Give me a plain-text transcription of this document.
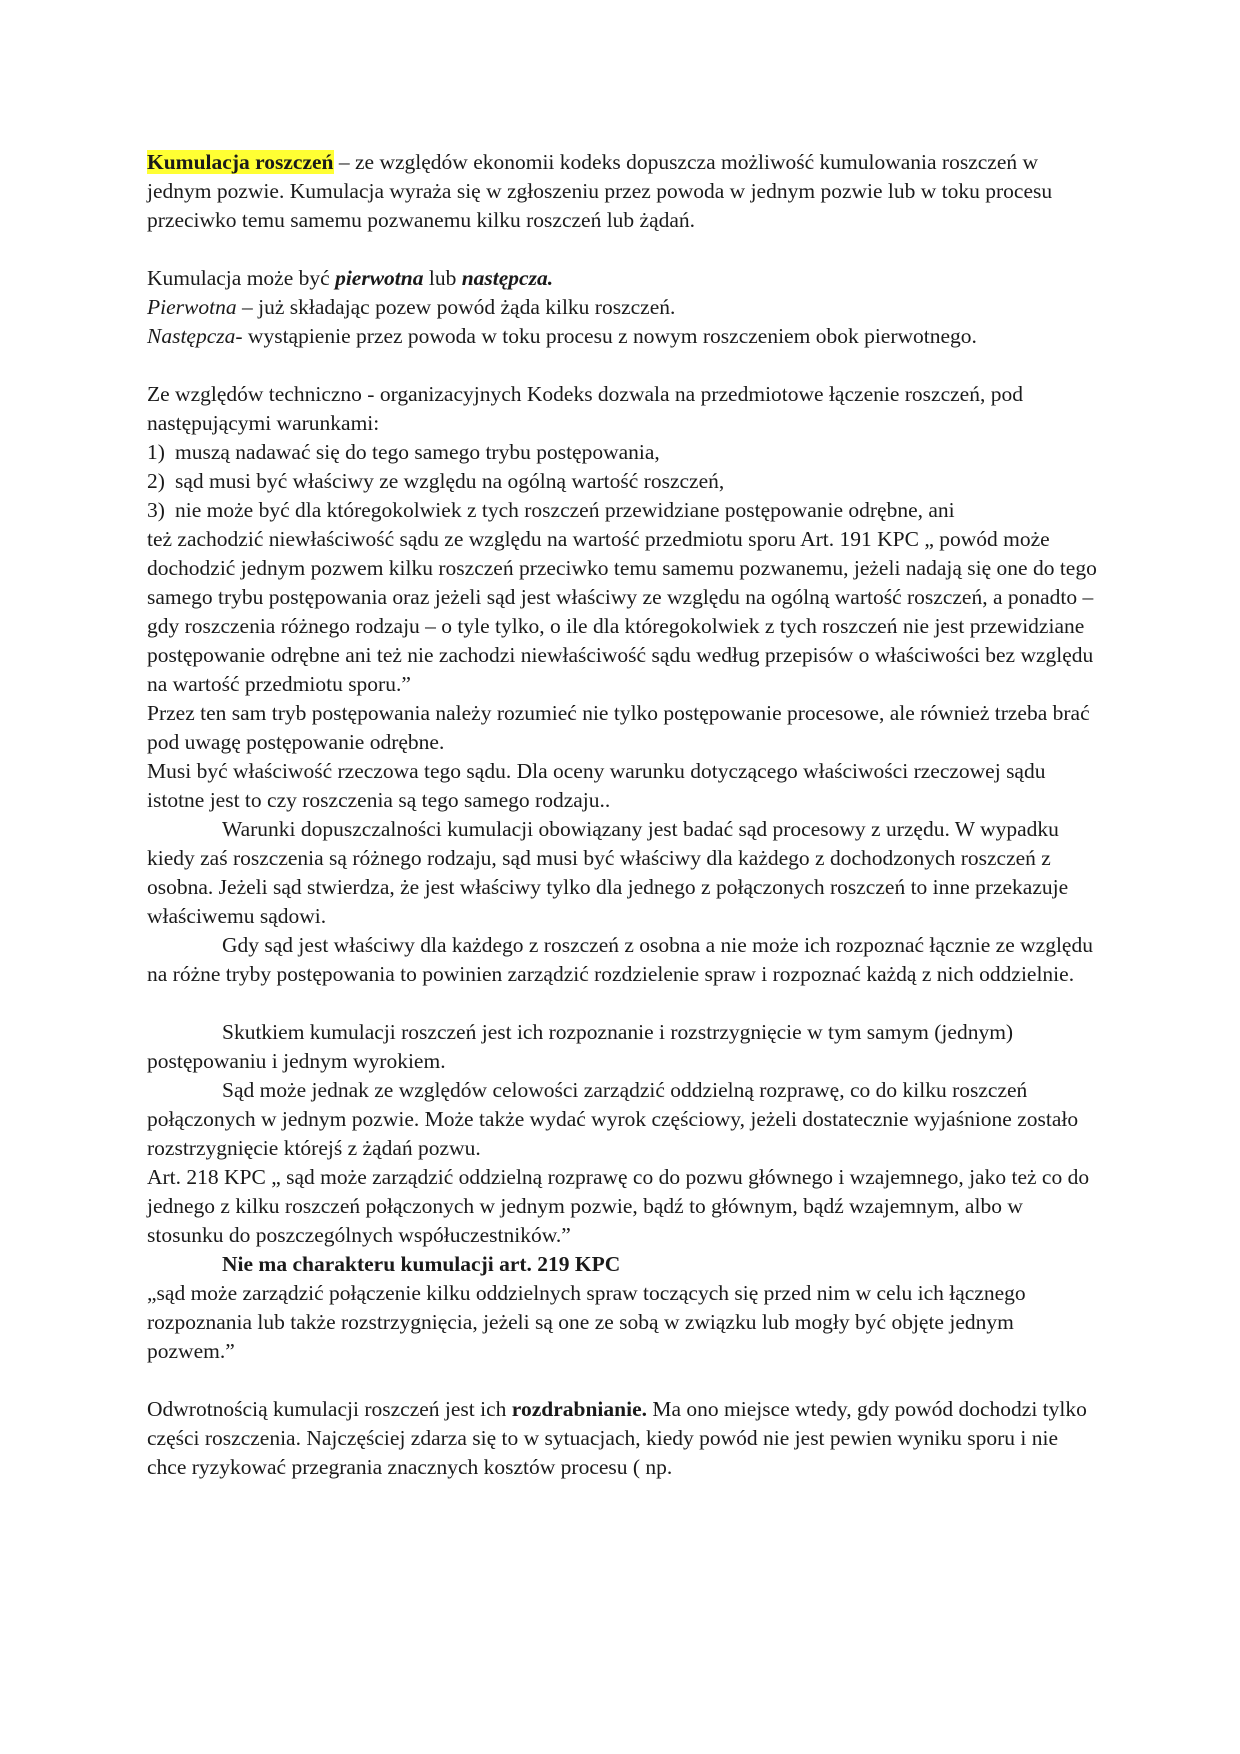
Kumulacja roszczeń – ze względów ekonomii kodeks dopuszcza możliwość kumulowania roszczeń w jednym pozwie. Kumulacja wyraża się w zgłoszeniu przez powoda w jednym pozwie lub w toku procesu przeciwko temu samemu pozwanemu kilku roszczeń lub żądań.

Kumulacja może być pierwotna lub następcza.

Pierwotna – już składając pozew powód żąda kilku roszczeń.

Następcza- wystąpienie przez powoda w toku procesu z nowym roszczeniem obok pierwotnego.

Ze względów techniczno - organizacyjnych Kodeks dozwala na przedmiotowe łączenie roszczeń, pod następującymi warunkami:

1) muszą nadawać się do tego samego trybu postępowania,
2) sąd musi być właściwy ze względu na ogólną wartość roszczeń,
3) nie może być dla któregokolwiek z tych roszczeń przewidziane postępowanie odrębne, ani

też zachodzić niewłaściwość sądu ze względu na wartość przedmiotu sporu Art. 191 KPC „ powód może dochodzić jednym pozwem kilku roszczeń przeciwko temu samemu pozwanemu, jeżeli nadają się one do tego samego trybu postępowania oraz jeżeli sąd jest właściwy ze względu na ogólną wartość roszczeń, a ponadto – gdy roszczenia różnego rodzaju – o tyle tylko, o ile dla któregokolwiek z tych roszczeń nie jest przewidziane postępowanie odrębne ani też nie zachodzi niewłaściwość sądu według przepisów o właściwości bez względu na wartość przedmiotu sporu.”

Przez ten sam tryb postępowania należy rozumieć nie tylko postępowanie procesowe, ale również trzeba brać pod uwagę postępowanie odrębne.

Musi być właściwość rzeczowa tego sądu. Dla oceny warunku dotyczącego właściwości rzeczowej sądu istotne jest to czy roszczenia są tego samego rodzaju..

Warunki dopuszczalności kumulacji obowiązany jest badać sąd procesowy z urzędu. W wypadku kiedy zaś roszczenia są różnego rodzaju, sąd musi być właściwy dla każdego z dochodzonych roszczeń z osobna. Jeżeli sąd stwierdza, że jest właściwy tylko dla jednego z połączonych roszczeń to inne przekazuje właściwemu sądowi.

Gdy sąd jest właściwy dla każdego z roszczeń z osobna a nie może ich rozpoznać łącznie ze względu na różne tryby postępowania to powinien zarządzić rozdzielenie spraw i rozpoznać każdą z nich oddzielnie.

Skutkiem kumulacji roszczeń jest ich rozpoznanie i rozstrzygnięcie w tym samym (jednym) postępowaniu i jednym wyrokiem.

Sąd może jednak ze względów celowości zarządzić oddzielną rozprawę, co do kilku roszczeń połączonych w jednym pozwie. Może także wydać wyrok częściowy, jeżeli dostatecznie wyjaśnione zostało rozstrzygnięcie którejś z żądań pozwu.

Art. 218 KPC „ sąd może zarządzić oddzielną rozprawę co do pozwu głównego i wzajemnego, jako też co do jednego z kilku roszczeń połączonych w jednym pozwie, bądź to głównym, bądź wzajemnym, albo w stosunku do poszczególnych współuczestników.”

Nie ma charakteru kumulacji art. 219 KPC

„sąd może zarządzić połączenie kilku oddzielnych spraw toczących się przed nim w celu ich łącznego rozpoznania lub także rozstrzygnięcia, jeżeli są one ze sobą w związku lub mogły być objęte jednym pozwem.”

Odwrotnością kumulacji roszczeń jest ich rozdrabnianie. Ma ono miejsce wtedy, gdy powód dochodzi tylko części roszczenia. Najczęściej zdarza się to w sytuacjach, kiedy powód nie jest pewien wyniku sporu i nie chce ryzykować przegrania znacznych kosztów procesu ( np.
